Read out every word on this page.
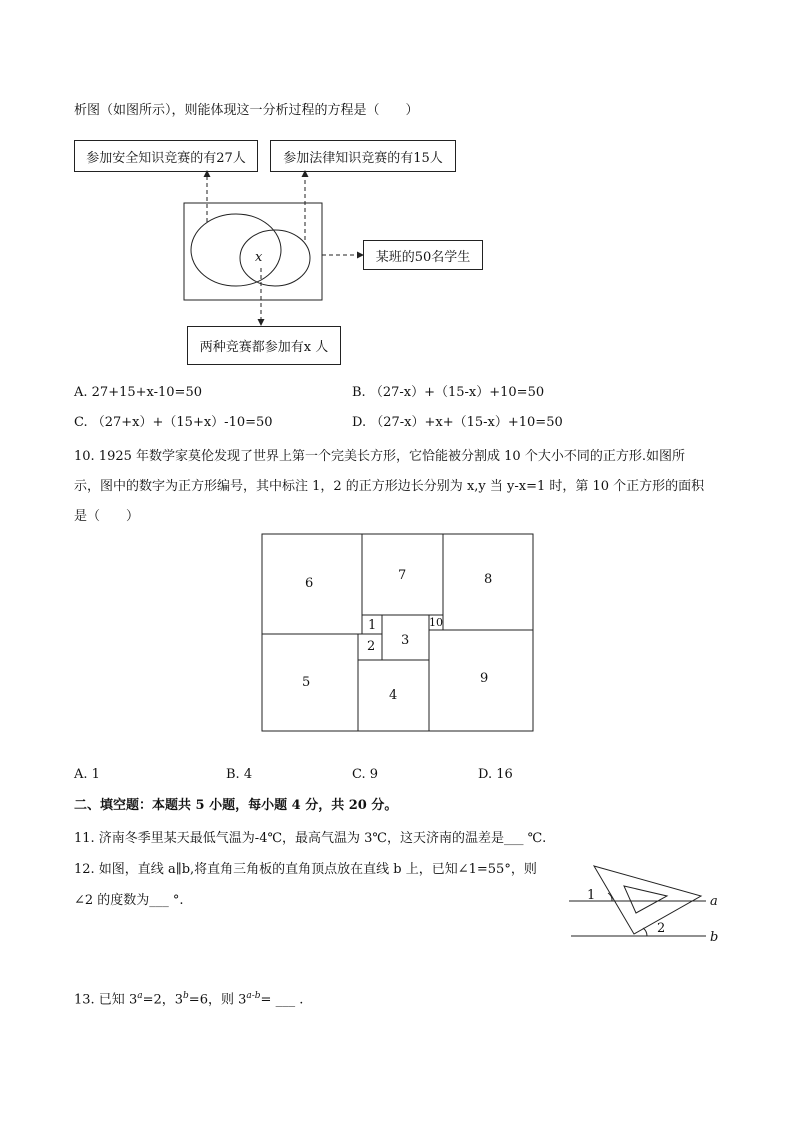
析图（如图所示），则能体现这一分析过程的方程是（　　）
参加安全知识竞赛的有27人	参加法律知识竞赛的有15人
某班的50名学生
两种竞赛都参加有x 人
x
A. 27+15+x-10=50	B. （27-x）+（15-x）+10=50
C. （27+x）+（15+x）-10=50	D. （27-x）+x+（15-x）+10=50
10. 1925 年数学家莫伦发现了世界上第一个完美长方形，它恰能被分割成 10 个大小不同的正方形.如图所
示，图中的数字为正方形编号，其中标注 1，2 的正方形边长分别为 x,y 当 y-x=1 时，第 10 个正方形的面积
是（　　）
6
7	8
1	10
3
2
5	9
4
A. 1	B. 4	C. 9	D. 16
二、填空题：本题共 5 小题，每小题 4 分，共 20 分。
11. 济南冬季里某天最低气温为-4℃，最高气温为 3℃，这天济南的温差是___ ℃.
12. 如图，直线 a∥b,将直角三角板的直角顶点放在直线 b 上，已知∠1=55°，则
∠2 的度数为___ °.	1
2
a
b
13. 已知 $3^a=2$，$3^b=6$，则 $3^{a-b}=$ ___ .
